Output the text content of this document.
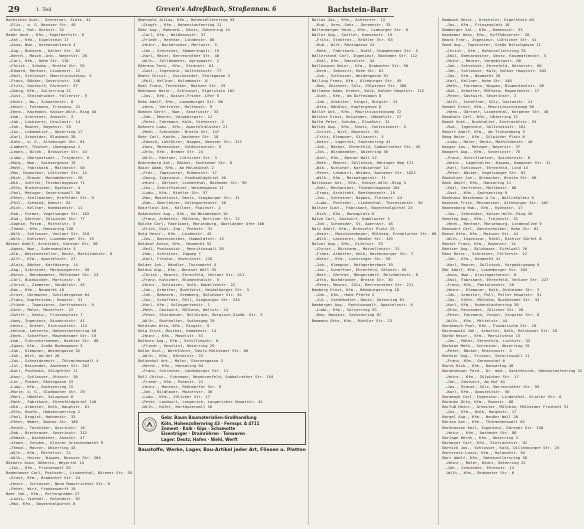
29	1. Teil	Greven's Adreßbuch, Straßennaw. 6	Bachstein–Barr
Bachstein Gust., Schreiner, Zietz. 41
–Elis., o. G. Neusser Str. 49
–Ferd., Rot. Hochstr. 32
Bader Andr., Kfm., Engelbertstr. 6
–Ant., Kfm., Eigelstein 17
–Anna, Wwe., Gereonsdriesch 4
–Aug., Bahnarb., Kalker Str. 82
–Bernh., Masch.-Arb., Weyerstr. 20
–Carl, Kfm., Hohe Str. 118
–Christ., Schuhm., Breite Str. 93
–Eduard, Rentner, Lindenstr. 12
–Emil, Schlosser, Mauritiussteinw. 5
–Franz, Bäcker, Severinstr. 146
–Fritz, Gastwirt, Ehrenstr. 37
–Georg, Kfm., Salierring 21
–Gust., Steindrucker, Follerstr. 9
–Heinr., Ww., Schaafenstr. 8
–Heinr., Fuhrmann, Friesenw. 22
–Herm., Kaufmann, Kaiser-Wilh.-Ring 40
–Hub., Schreiner, Annostr. 3
–Jak., Lackierer, Ursulastr. 14
–Joh., Maurer, Bayenstr. 55
–Jos., Lokomotivf., Ubierring 17
–Karl, Schneider, Blaubach 30
–Kath., o. G., Alteburger Str. 61
–Lambert, Tüncher, Löwengasse 2
–Leonh., Bildh., Brüsseler Str. 44
–Ludw., Oberpostsekr., Trajanstr. 6
–Marg., Wwe., Spiesergasse 19
–Math., Fabrikarb., Moltkestr. 58
–Max, Ingenieur, Lütticher Str. 12
–Mich., Brauer, Machabäerstr. 28
–Nik., Sattler, Thieboldsgasse 71
–Otto, Buchdrucker, Kyotostr. 4
–Paul, Metzger, Severinswall 36
–Peter, Stellmacher, Krefelder Str. 9
–Phil., Schmied, Domstr. 81
–Rich., Kellner, Komödienstr. 11
–Rob., Former, Vogelsanger Str. 102
–Rud., Gärtner, Zülpicher Str. 77
–Sophie, Putzm., Mittelstr. 5
–Theod., Kfm., Hansaring 130
–Wilh., Schlosser, Venloer Str. 310
–Wilh., Kutscher, Luxemburger Str. 15
Bäcker Adolf, Architekt, Dürener Str. 96
–Agnes, Wwe., Sudermanplatz 3
–Alb., Weichensteller, Deutz, Mathildenstr. 8
–Alfr., Kfm., Apostelnstr. 27
–Alois, Bäcker, Kartäuserg. 14
–Aug., Schreiner, Merowingerstr. 50
–Bernh., Bahnbeamter, Mülheimer Str. 23
–Carl, Buchbinder, Martinstr. 6
–Christ., Zimmerer, Vondelstr. 45
–Dan., Kfm., Neumarkt 18
–Ernst, Uhrmacher, Schildergasse 64
–Franz, Kupferschm., Roonstr. 31
–Friedr., Tapezierer, Gertrudenstr. 9
–Gerh., Maler, Mozartstr. 22
–Gottfr., Gastw., Friesenplatz 7
–Hans, Ingenieur, Bismarckstr. 41
–Heinr., Dreher, Eintrachtstr. 113
–Helene, Lehrerin, Hohenstaufenring 58
–Herm., Schaffner, Mauenheimer Str. 19
–Hub., Fuhrunternehmer, Niehler Str. 88
–Ignaz, Kfm., Große Budengasse 3
–Jak., Klempner, Weidengasse 52
–Joh., Wirt, Am Hof 26
–Jos., Schneidermstr., Thürmchenswall 4
–Jul., Reisender, Aachener Str. 207
–Karl, Postbote, Sülzgürtel 11
–Konr., Schlosser, Ottostr. 36
–Lor., Packer, Rheingasse 15
–Ludw., Kfm., Sachsenring 72
–Marie, o. G., Gladbacher Str. 29
–Mart., Händler, Salzgasse 8
–Math., Fabrikant, Ehrenfeldgürtel 140
–Nik., Arbeiter, Kalk, Hauptstr. 61
–Otto, Kaufm., Habsburgerring 2
–Paul, Drogist, Hahnenstr. 33
–Peter, Weber, Bonner Str. 180
–Reinh., Techniker, Quirinstr. 10
–Rob., Bierbrauer, Severinstr. 212
–Sebast., Dachdecker, Annostr. 47
–Steph., Schuhm., Kleiner Griechenmarkt 9
–Theod., Maurer, Ubierring 43
–Wilh., Kfm., Mittelstr. 21
–Wilh., Heizer, Nippes, Neusser Str. 284
Bäckers Anna, Näherin, Weyertal 14
–Jos., Kfm., Friesenwall 82
Badenheuer Carl, Postsekr., Lindenthal, Dürener Str. 55
–Ernst, Kfm., Brabanter Str. 24
–Heinr., Schlosser, Neue Maastrichter Str. 6
–Peter, Wirt, Frankenwerft 19
Baer Jak., Kfm., Perlengraben 27
–Louis, Viehhdl., Rolandstr. 92
–Max, Kfm., Bayenthalgürtel 8
Baerwald Julius, Kfm., Hohenzollernring 93
–Siegfr., Kfm., Hohenstaufenring 11
Bähr Aug., Bahnarb., Deutz, Gotenring 14
–Carl, Kfm., Weißhausstr. 37
–Friedr., Rentner, Lindenstr. 88
–Heinr., Buchdrucker, Merlostr. 5
–Joh., Schreiner, Sömmeringstr. 19
–Karl, Maler, Berrenrather Str. 46
–Wilh., Zollbeamter, Agrippastr. 2
Bährens Ferd., Kfm., Ehrenstr. 61
–Gust., Ingenieur, Goltsteinstr. 77
Baetz Christ., Zuschneider, Stolkgasse 3
–Emil, Kellner, Kolumbastr. 8
Bahl Franz, Techniker, Mainzer Str. 29
Bahlmann Heinr., Schlosser, Eigelstein 102
–Jos., Kfm., Kaiser-Friedr.-Ufer 5
Bahn Adolf, Kfm., Luxemburger Str. 66
–Herm., Vertreter, Moltkestr. 9
Bahnen Gertr., Wwe., Severinstr. 33
–Jak., Maurer, Vorgebirgstr. 12
–Peter, Fuhrmann, Kalk, Vietorstr. 4
Bahners Ludw., Kfm., Apostelnkloster 21
–Math., Schneider, Breite Str. 147
Bahr Carl, Kaufm., Aachener Str. 18
–Eduard, Lokführer, Nippes, Neusser Str. 311
–Hans, Mechaniker, Schönsteinstr. 6
–Otto, Kfm., Bremer Str. 24
–Wilh., Rentner, Lütticher Str. 3
Bahrenberg Ant., Bäcker, Sechtemer Str. 8
Baier Adam, Kfm., Am Malzbüchel 2
–Frdr., Tapezierer, Rubensstr. 17
–Georg, Ingenieur, Stadtwaldgürtel 40
–Heinr., Gärtner, Lindenthal, Bachemer Str. 99
–Jos., Schriftsetzer, Weidengasse 11
–Ludw., Kfm., Riehler Str. 57
–Max, Maschinist, Deutz, Siegburger Str. 41
–Rob., Oberlehrer, Volksgartenstr. 26
Baierlein Joh., Kellner, Pipinstr. 4
Bakenecker Aug., Kfm., Am Weidenbach 10
–Franz, Arbeiter, Mülheim, Berliner Str. 72
Balcke Carl, Fabrikant, Marienburg, Oberländer Ufer 160
–Erich, Dipl.-Ing., Parkstr. 31
Bald Heinr., Kfm., Lindenstr. 45
–Jos., Bautechniker, Humboldtstr. 13
Baldauf Anton, Kfm., Heumarkt 52
–Emil, Postassist., Mauritiuswall 28
–Hub., Schreiner, Zugweg 7
–Karl, Friseur, Severinstr. 118
Balder Joh., Händler, Thurnmarkt 4
Baldus Aug., Kfm., Neusser Wall 35
–Christ., Maurer, Ehrenfeld, Venloer Str. 411
–Franz, Kutscher, Blumenthalstr. 9
–Heinr., Schlosser, Kalk, Kapellenstr. 22
–Jak., Arbeiter, Buchforst, Heidelberger Str. 3
–Joh., Bahnarb., Gremberg, Rolshover Str. 61
–Jos., Schaffner, Poll, Siegburger Str. 243
–Karl, Kfm., Volksgartenstr. 1
–Math., Gastwirt, Mülheim, Wallstr. 14
–Peter, Steinhauer, Dellbrück, Bergisch-Gladb. Str. 5
–Wilh., Buchhalter, Gottesweg 70
Baldzuhn Otto, Kfm., Ringstr. 9
Balg Ernst, Musiker, Kamekestr. 14
–Heinr., Kfm., Moselstr. 51
Balhorn Aug., Kfm., Schillingstr. 6
–Friedr., Kanzlist, Ubierring 29
Balke Gust., Werkführer, Deutz-Mülheimer Str. 80
–Wilh., Kfm., Körnerstr. 22
Balkenhol Ant., Maler, Sternengasse 3
–Bernh., Kfm., Hansaring 94
–Franz, Schreiner, Landsberger Str. 11
Ball Christ., Fuhrmann, Neuehrenfeld, Subbelrather Str. 154
–Friedr., Kfm., Palmstr. 21
–Heinr., Monteur, Rhöndorfer Str. 8
–Joh., Bildhauer, Mozartstr. 36
–Ludw., Kfm., Jülicher Str. 17
–Peter, Landwirt, Longerich, Longericher Hauptstr. 42
–Wilh., Küfer, Kartäuserwall 16
Gebr. Baum Baumaterialien-Großhandlung
Köln, Hohenzollernring 43 · Fernspr. A 4711
Zement · Kalk · Gips · Schamotte
Eisenträger · Drainröhren · Tonwaren
Lager: Deutz, Hafen · Niehl, Werft
Baustoffe, Werke, Lager, Bau-Artikel jeder Art, Fliesen u. Platten
Ballas Jos., Kfm., Achterstr. 12
–Rud., Verw.-Sekr., Gereonstr. 33
Ballenberger Herm., Kfm., Limburger Str. 6
Baller Aug., Sattler, Kaesenstr. 19
–Fritz, Elektrot., Brühler Str. 63
–Hub., Wirt, Rheingasse 24
–Math., Fabrikarb., Riehl, Stammheimer Str. 5
Ballerstedt Carl, Ingenieur, Bachemer Str. 112
–Emil, Kfm., Dasselstr. 44
Ballhausen Heinr., Kfm., Brabanter Str. 50
–Herm., Zahnarzt, Hohe Str. 62
–Joh., Schlosser, Weidengasse 91
Balling Franz, Kfm., Alteburger Str. 45
–Max, Zeichner, Sülz, Zülpicher Str. 280
Ballmann Adam, Dreher, Kalk, Kalker Hauptstr. 112
–Gust., Kfm., Am Duffesbach 8
–Jak., Arbeiter, Vingst, Burgstr. 14
–Otto, Händler, Kupfergasse 6
Ballof Ant., Kfm., Mauritiussteinweg 72
Balster Ernst, Reisender, Händelstr. 27
Balta Peter, Schuhm., Elsaßstr. 31
Baltes Aug., Kfm., Deutz, Justinianstr. 9
–Christ., Wirt, Bayenstr. 61
–Fritz, Klempner, Silvanstr. 3
–Heinr., Lagerist, Sachsenring 41
–Joh., Bäcker, Ehrenfeld, Subbelrather Str. 45
–Jos., Bürobeamter, Ubierring 56
–Karl, Kfm., Bonner Wall 22
–Math., Maurer, Zollstock, Höninger Weg 171
–Nik., Kutscher, Kartäuserhof 12
–Peter, Landwirt, Weiden, Aachener Str. 1022
–Wilh., Kfm., Merowingerstr. 11
Balthasar Ant., Kfm., Kaiser-Wilh.-Ring 3
–Emil, Mechaniker, Thieboldsgasse 104
–Franz, Architekt, Beethovenstr. 19
–Jos., Schreiner, Nippes, Florastr. 44
–Ludw., Postsekr., Lindenthal, Theresienstr. 30
Baltzer Gust., Fabrikant, Bayenthalgürtel 24
–Rich., Kfm., Hansaplatz 6
Balve Carl, Gastwirt, Domkloster 3
–Joh., Schneider, St. Apernstr. 18
Balz Adolf, Kfm., Brüsseler Platz 13
–Heinr., Maschinenbauer, Mülheim, Frankfurter Str. 88
–Wilh., Lackierer, Neußer Str. 129
Balzer Aug., Kfm., Eifelstr. 33
–Christ., Bürstenm., Marzellenstr. 21
–Franz, Arbeiter, Kalk, Hachenburger Str. 7
–Heinr., Kfm., Lothringer Str. 59
–Joh., Klempner, Rothgerberbach 19
–Jos., Schaffner, Ehrenfeld, Ottostr. 95
–Mart., Gärtner, Müngersdorf, Belvederestr. 8
–Otto, Buchdrucker, Breite Str. 30
–Peter, Maurer, Sülz, Berrenrather Str. 211
Bamberg Ernst, Kfm., Habsburgerring 18
–Jak., Kfm., Hohe Pforte 2
–Jul., Viehhändler, Deutz, Gotenring 61
Bamberger Aug., Rechtsanwalt, Apostelnstr. 9
–Ludw., Kfm., Salierring 55
–Max, Bankier, Sachsenring 87
Bammann Otto, Kfm., Riehler Str. 23
Bambach Heinr., Drechsler, Eigelstein 64
–Jos., Kfm., Friesenplatz 16
Bamberger Sal., Kfm., Rubensstr. 33
Bandemer Hans, Kfm., Kyffhäuserstr. 28
Banck Frdr., Ingenieur, Lütticher Str. 41
Band Aug., Tapezierer, Große Witschgasse 11
–Christ., Kfm., Hohenzollernring 70
–Emil, Bahnarbeiter, Deutz, Kasemattenstr. 5
–Heinr., Maurer, Vorgebirgstr. 88
–Jak., Schreiner, Ehrenfeld, Körnerstr. 60
–Joh., Schlosser, Kalk, Kalker Hauptstr. 203
–Jos., Kfm., Neumarkt 26
–Karl, Kellner, Hohe Str. 140
–Math., Fuhrmann, Nippes, Blumenthalstr. 38
–Nik., Arbeiter, Mülheim, Regentenstr. 17
–Peter, Gastwirt, Severinstr. 2
–Wilh., Schaffner, Sülz, Gustavstr. 14
Bandel Ernst, Kfm., Mauritiussteinweg 90
–Herm., Gärtner, Lindenthal, Kerpener Str. 46
Bandholz Carl, Kfm., Ubierring 12
Bandt Gust., Buchhalter, Eintrachtstr. 55
–Rud., Ingenieur, Goltsteinstr. 101
Banert Adolf, Kfm., Am Trutzenberg 3
Bang Heinr., Kfm., Zülpicher Platz 6
–Ludw., Maler, Deutz, Mathildenstr. 40
Banger Jos., Metzger, Weyerstr. 37
Bangert Aug., Kfm., Severinstr. 75
–Franz, Schriftsetzer, Spichernstr. 8
–Heinr., Lagerhalter, Nippes, Kempener Str. 21
–Karl, Schlosser, Ehrenfeld, Lind 14
–Peter, Bäcker, Vogelsanger Str. 62
Banholzer Joh., Uhrmacher, Breite Str. 58
Bank Adolf, Kfm., Hansaring 11
–Emil, Vertreter, Moltkestr. 88
–Gust., Kfm., Sachsenring 9
Bankhaus Deichmann & Co., Wallrafplatz 5
Banneck Fritz, Mechaniker, Alteburger Str. 140
Bannenberg Hub., Kfm., Kyotostr. 17
–Jos., Schneider, Kaiser-Wilh.-Ring 26
Banning Aug., Kfm., Trajanstr. 31
–Herm., Rentner, Marienburg, Lindenallee 9
Bannwart Carl, Zahntechniker, Hohe Str. 81
Banse Otto, Kfm., Mainzer Str. 44
–Wilh., Ingenieur, Riehl, Riehler Gürtel 8
Bantel Franz, Kfm., Bayenstr. 14
Bantzer Aug., Bildhauer, Eifelwall 20
Banz Heinr., Schreiner, Follerstr. 12
–Joh., Kfm., Heumarkt 41
–Karl, Maurer, Zollstock, Vorgebirgsweg 9
Bär Adolf, Kfm., Luxemburger Str. 104
–Anna, Wwe., Ursulagartenstr. 6
–Emil, Fabrikant, Ehrenfeld, Venloer Str. 227
–Franz, Kfm., Pantaleonstr. 20
–Heinr., Klempner, Kalk, Ostheimer Str. 3
–Jak., Arbeiter, Poll, Poller Hauptstr. 51
–Jos., Küfer, Mülheim, Buchheimer Str. 44
–Karl, Kfm., Hohenstaufenring 36
–Otto, Reisender, Jülicher Str. 28
–Peter, Fuhrmann, Vingst, Vingster Str. 6
–Wilh., Kfm., Mittelstr. 44
Barabasch Paul, Kfm., Flandrische Str. 10
Baranowski Joh., Arbeiter, Kalk, Rolshover Str. 18
Barbe Heinr., Kfm., Marsilstein 15
–Jos., Maler, Ehrenfeld, Lichtstr. 33
Barbian Math., Schreiner, Ubierring 70
–Peter, Bäcker, Rheinaustr. 4
Barbier Aug., Friseur, Severinswall 11
–Franz, Kfm., Gereonshof 6
Barck Rich., Kfm., Hansaring 48
Bardenheuer Ferd., Dr. med., Sanitätsrat, Hohenstaufenring 31
–Heinr., Kfm., Zülpicher Str. 17
–Joh., Gastwirt, Am Hof 44
–Jos., Brauer, Sülz, Berrenrather Str. 99
–Karl, Kfm., Apostelnstr. 50
Bardewyk Carl, Ingenieur, Lindenthal, Krieler Str. 6
Barduhn Otto, Kfm., Roonstr. 88
Barfuß Heinr., Arbeiter, Mülheim, Mülheimer Freiheit 31
–Jos., Kfm., Kalk, Hauptstr. 17
Bargel Aug., Kfm., Neußer Wall 20
Barion Ant., Kfm., Thürmchenswall 62
Barkhausen Emil, Ingenieur, Dürener Str. 140
–Heinr., Kfm., Aachener Str. 88
Barlage Bernh., Kfm., Ubierring 3
Barmeyer Carl, Kfm., Eintrachtstr. 92
Barnick Jos., Schlosser, Kalk, Dillenburger Str. 19
Barnstein Louis, Kfm., Rolandstr. 30
Barr Adolf, Kfm., Hohenzollernring 58
–Heinr., Maler, Deutz, Gotenring 22
–Joh., Schneider, Ehrenstr. 14
–Wilh., Kfm., Brabanter Str. 6
